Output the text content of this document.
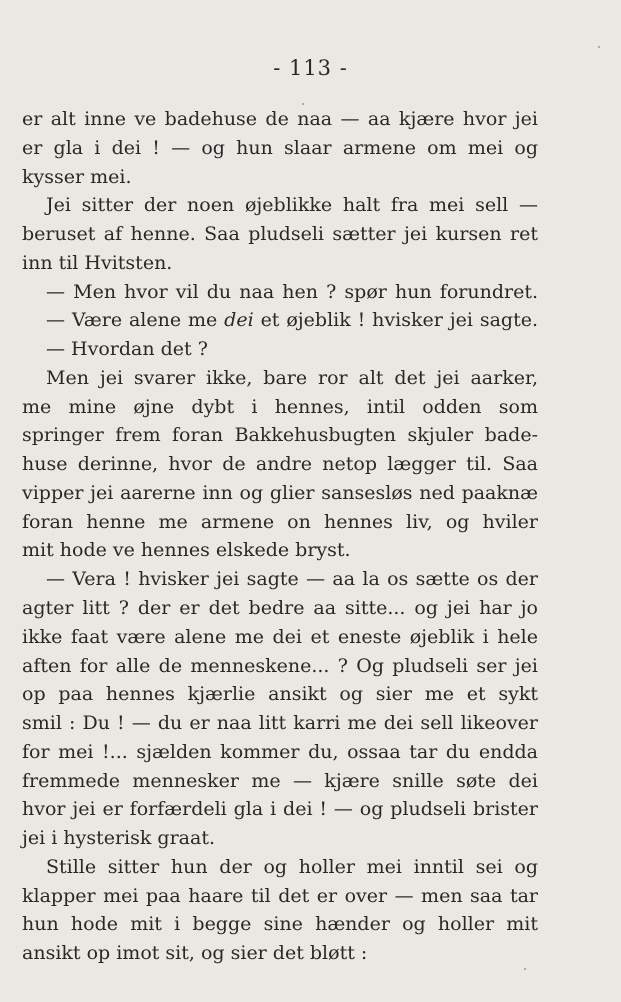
- 113 -
er alt inne ve badehuse de naa — aa kjære hvor jei
er gla i dei ! — og hun slaar armene om mei og
kysser mei.
Jei sitter der noen øjeblikke halt fra mei sell —
beruset af henne. Saa pludseli sætter jei kursen ret
inn til Hvitsten.
— Men hvor vil du naa hen ? spør hun forundret.
— Være alene me dei et øjeblik ! hvisker jei sagte.
— Hvordan det ?
Men jei svarer ikke, bare ror alt det jei aarker,
me mine øjne dybt i hennes, intil odden som
springer frem foran Bakkehusbugten skjuler bade-
huse derinne, hvor de andre netop lægger til. Saa
vipper jei aarerne inn og glier sansesløs ned paaknæ
foran henne me armene on hennes liv, og hviler
mit hode ve hennes elskede bryst.
— Vera ! hvisker jei sagte — aa la os sætte os der
agter litt ? der er det bedre aa sitte... og jei har jo
ikke faat være alene me dei et eneste øjeblik i hele
aften for alle de menneskene... ? Og pludseli ser jei
op paa hennes kjærlie ansikt og sier me et sykt
smil : Du ! — du er naa litt karri me dei sell likeover
for mei !... sjælden kommer du, ossaa tar du endda
fremmede mennesker me — kjære snille søte dei
hvor jei er forfærdeli gla i dei ! — og pludseli brister
jei i hysterisk graat.
Stille sitter hun der og holler mei inntil sei og
klapper mei paa haare til det er over — men saa tar
hun hode mit i begge sine hænder og holler mit
ansikt op imot sit, og sier det bløtt :
